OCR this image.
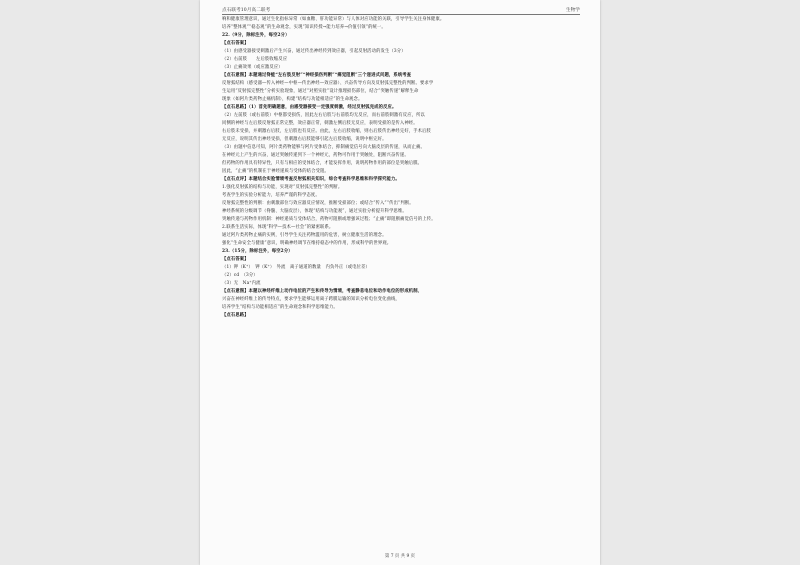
点石联考10月高二联考	生物学

响和健康管理意识，通过生化指标异常（如血糖、肝功能异常）与人体对应功能的关联，引导学生关注身体健康。

培养“整体观”“稳态观”的生命观念，实现“知识传授→能力培养→价值引领”的统一。

22.（9分，除标注外，每空2分）

【点石答案】

（1）由感受器接受刺激后产生兴奋，通过传出神经传到效应器，引起反射活动的发生（3分）

（2）右前肢　　左后肢收缩反应

（3）止痛效果（或应激反应）

【点石意图】本题通过脊蛙“左右肢反射”“神经损伤判断”“痛觉阻断”三个递进式问题，系统考查

反射弧结构（感受器—传入神经—中枢—传出神经—效应器）、兴奋传导方向及反射弧完整性的判断。要求学

生运用“反射弧完整性”分析实验现象，通过“对照实验”设计推理损伤部位，结合“突触传递”解释生命

现象（如阿片类药物止痛机制），构建“结构与功能相适应”的生命观念。

【点石思路】（1）首先明确题意，由感受器接受一定强度刺激，经过反射弧完成的反应。

（2）左前肢（或右前肢）中枢都受损伤，因此左右后肢与右前肢均无反应，而右前肢刺激有反应，所以

同侧的神经与左后肢反射弧正常完整，效应器正常，刺激左侧后肢无反应，表明受损的是传入神经。

右后肢未受损，并刺激右后肢，左后肢也有反应。由此，左右后肢收缩，则右后肢传出神经完好，手术后肢

无反应，说明其传出神经受损，但刺激右后肢能够引起左后肢收缩，说明中枢完好。

（3）由题中信息可知，阿片类药物能够与阿片受体结合，抑制痛觉信号向大脑皮层的传递，从而止痛。

在神经元上产生的兴奋，通过突触传递到下一个神经元，药物可作用于突触处，阻断兴奋传递。

但药物的作用具有特异性，只有与相应的受体结合，才能发挥作用，说明药物作用的部位是突触后膜。

因此，“止痛”的机制在于神经递质与受体的结合受阻。

【点石点评】本题结合实验情境考查反射弧相关知识，综合考查科学思维和科学探究能力。

1.强化反射弧的结构与功能，实现对“反射弧完整性”的判断。

考查学生的实验分析能力，培养严谨的科学态度。

反射弧完整性的判断：由刺激部位与效应器反应情况，推断受损部位；或结合“传入”“传出”判断。

神经系统的分级调节（脊髓、大脑皮层），体现“结构与功能观”，通过实验分析提升科学思维。

突触传递与药物作用机制：神经递质与受体结合，药物可阻断或增强该过程；“止痛”即阻断痛觉信号的上传。

2.联系生活实际，体现“科学—技术—社会”的紧密联系。

通过阿片类药物止痛的实例，引导学生关注药物滥用的危害，树立健康生活的理念。

强化“生命安全与健康”意识，明确神经调节在维持稳态中的作用，形成科学的世界观。

23.（15分，除标注外，每空2分）

【点石答案】

（1）钾（K⁺）　钾（K⁺）　外流　离子通道的数量　内负外正（或电位差）

（2）cd　（3分）

（3）无　Na⁺内流

【点石意图】本题以神经纤维上动作电位的产生和传导为情境，考查静息电位和动作电位的形成机制、

兴奋在神经纤维上的传导特点，要求学生能够运用离子跨膜运输的知识分析电位变化曲线，

培养学生“结构与功能相适应”的生命观念和科学思维能力。

【点石思路】

第 7 页 共 9 页
